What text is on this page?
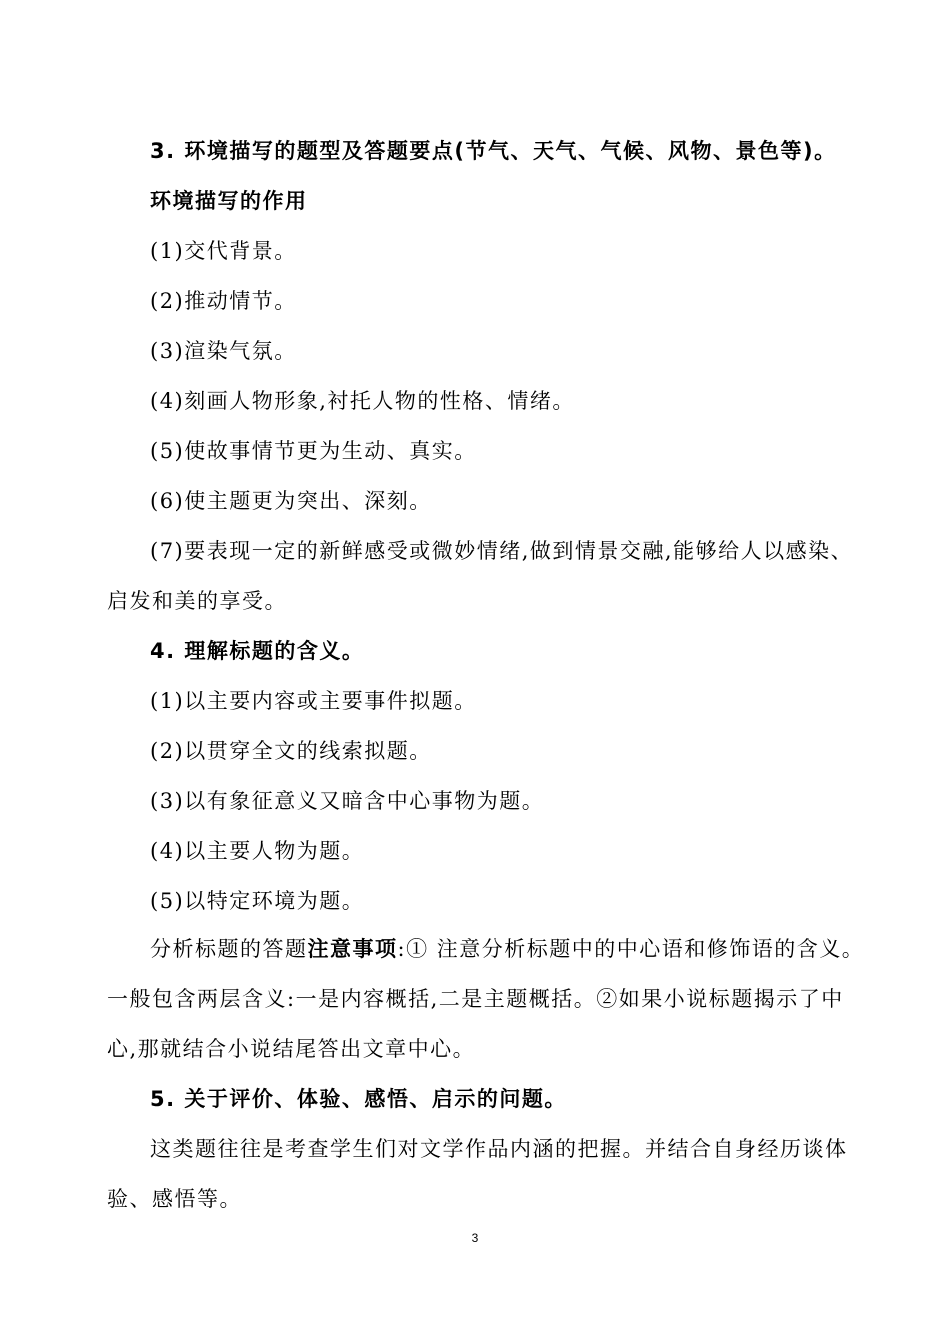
3. 环境描写的题型及答题要点(节气、天气、气候、风物、景色等)。
环境描写的作用
(1)交代背景。
(2)推动情节。
(3)渲染气氛。
(4)刻画人物形象,衬托人物的性格、情绪。
(5)使故事情节更为生动、真实。
(6)使主题更为突出、深刻。
(7)要表现一定的新鲜感受或微妙情绪,做到情景交融,能够给人以感染、
启发和美的享受。
4. 理解标题的含义。
(1)以主要内容或主要事件拟题。
(2)以贯穿全文的线索拟题。
(3)以有象征意义又暗含中心事物为题。
(4)以主要人物为题。
(5)以特定环境为题。
分析标题的答题注意事项:① 注意分析标题中的中心语和修饰语的含义。
一般包含两层含义:一是内容概括,二是主题概括。②如果小说标题揭示了中
心,那就结合小说结尾答出文章中心。
5. 关于评价、体验、感悟、启示的问题。
这类题往往是考查学生们对文学作品内涵的把握。并结合自身经历谈体
验、感悟等。
3
